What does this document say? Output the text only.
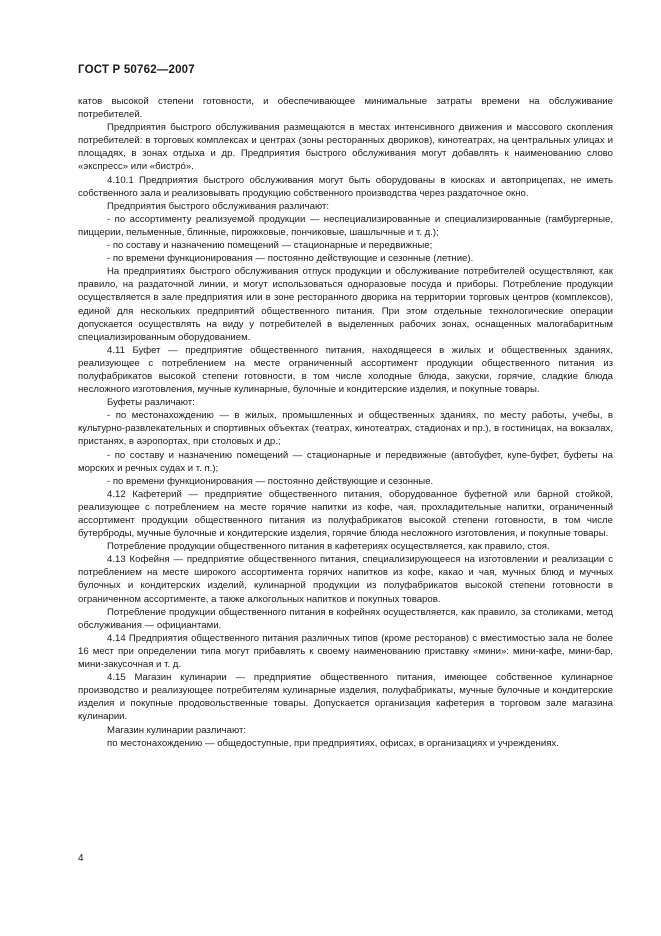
ГОСТ Р 50762—2007

катов высокой степени готовности, и обеспечивающее минимальные затраты времени на обслуживание потребителей.

Предприятия быстрого обслуживания размещаются в местах интенсивного движения и массового скопления потребителей: в торговых комплексах и центрах (зоны ресторанных двориков), кинотеатрах, на центральных улицах и площадях, в зонах отдыха и др. Предприятия быстрого обслуживания могут добавлять к наименованию слово «экспресс» или «бистро́».

4.10.1 Предприятия быстрого обслуживания могут быть оборудованы в киосках и автоприцепах, не иметь собственного зала и реализовывать продукцию собственного производства через раздаточное окно.

Предприятия быстрого обслуживания различают:

- по ассортименту реализуемой продукции — неспециализированные и специализированные (гамбургерные, пиццерии, пельменные, блинные, пирожковые, пончиковые, шашлычные и т. д.);

- по составу и назначению помещений — стационарные и передвижные;

- по времени функционирования — постоянно действующие и сезонные (летние).

На предприятиях быстрого обслуживания отпуск продукции и обслуживание потребителей осуществляют, как правило, на раздаточной линии, и могут использоваться одноразовые посуда и приборы. Потребление продукции осуществляется в зале предприятия или в зоне ресторанного дворика на территории торговых центров (комплексов), единой для нескольких предприятий общественного питания. При этом отдельные технологические операции допускается осуществлять на виду у потребителей в выделенных рабочих зонах, оснащенных малогабаритным специализированным оборудованием.

4.11 Буфет — предприятие общественного питания, находящееся в жилых и общественных зданиях, реализующее с потреблением на месте ограниченный ассортимент продукции общественного питания из полуфабрикатов высокой степени готовности, в том числе холодные блюда, закуски, горячие, сладкие блюда несложного изготовления, мучные кулинарные, булочные и кондитерские изделия, и покупные товары.

Буфеты различают:

- по местонахождению — в жилых, промышленных и общественных зданиях, по месту работы, учебы, в культурно-развлекательных и спортивных объектах (театрах, кинотеатрах, стадионах и пр.), в гостиницах, на вокзалах, пристанях, в аэропортах, при столовых и др.;

- по составу и назначению помещений — стационарные и передвижные (автобуфет, купе-буфет, буфеты на морских и речных судах и т. п.);

- по времени функционирования — постоянно действующие и сезонные.

4.12 Кафетерий — предприятие общественного питания, оборудованное буфетной или барной стойкой, реализующее с потреблением на месте горячие напитки из кофе, чая, прохладительные напитки, ограниченный ассортимент продукции общественного питания из полуфабрикатов высокой степени готовности, в том числе бутерброды, мучные булочные и кондитерские изделия, горячие блюда несложного изготовления, и покупные товары.

Потребление продукции общественного питания в кафетериях осуществляется, как правило, стоя.

4.13 Кофейня — предприятие общественного питания, специализирующееся на изготовлении и реализации с потреблением на месте широкого ассортимента горячих напитков из кофе, какао и чая, мучных блюд и мучных булочных и кондитерских изделий, кулинарной продукции из полуфабрикатов высокой степени готовности в ограниченном ассортименте, а также алкогольных напитков и покупных товаров.

Потребление продукции общественного питания в кофейнях осуществляется, как правило, за столиками, метод обслуживания — официантами.

4.14 Предприятия общественного питания различных типов (кроме ресторанов) с вместимостью зала не более 16 мест при определении типа могут прибавлять к своему наименованию приставку «мини»: мини-кафе, мини-бар, мини-закусочная и т. д.

4.15 Магазин кулинарии — предприятие общественного питания, имеющее собственное кулинарное производство и реализующее потребителям кулинарные изделия, полуфабрикаты, мучные булочные и кондитерские изделия и покупные продовольственные товары. Допускается организация кафетерия в торговом зале магазина кулинарии.

Магазин кулинарии различают:

по местонахождению — общедоступные, при предприятиях, офисах, в организациях и учреждениях.

4
